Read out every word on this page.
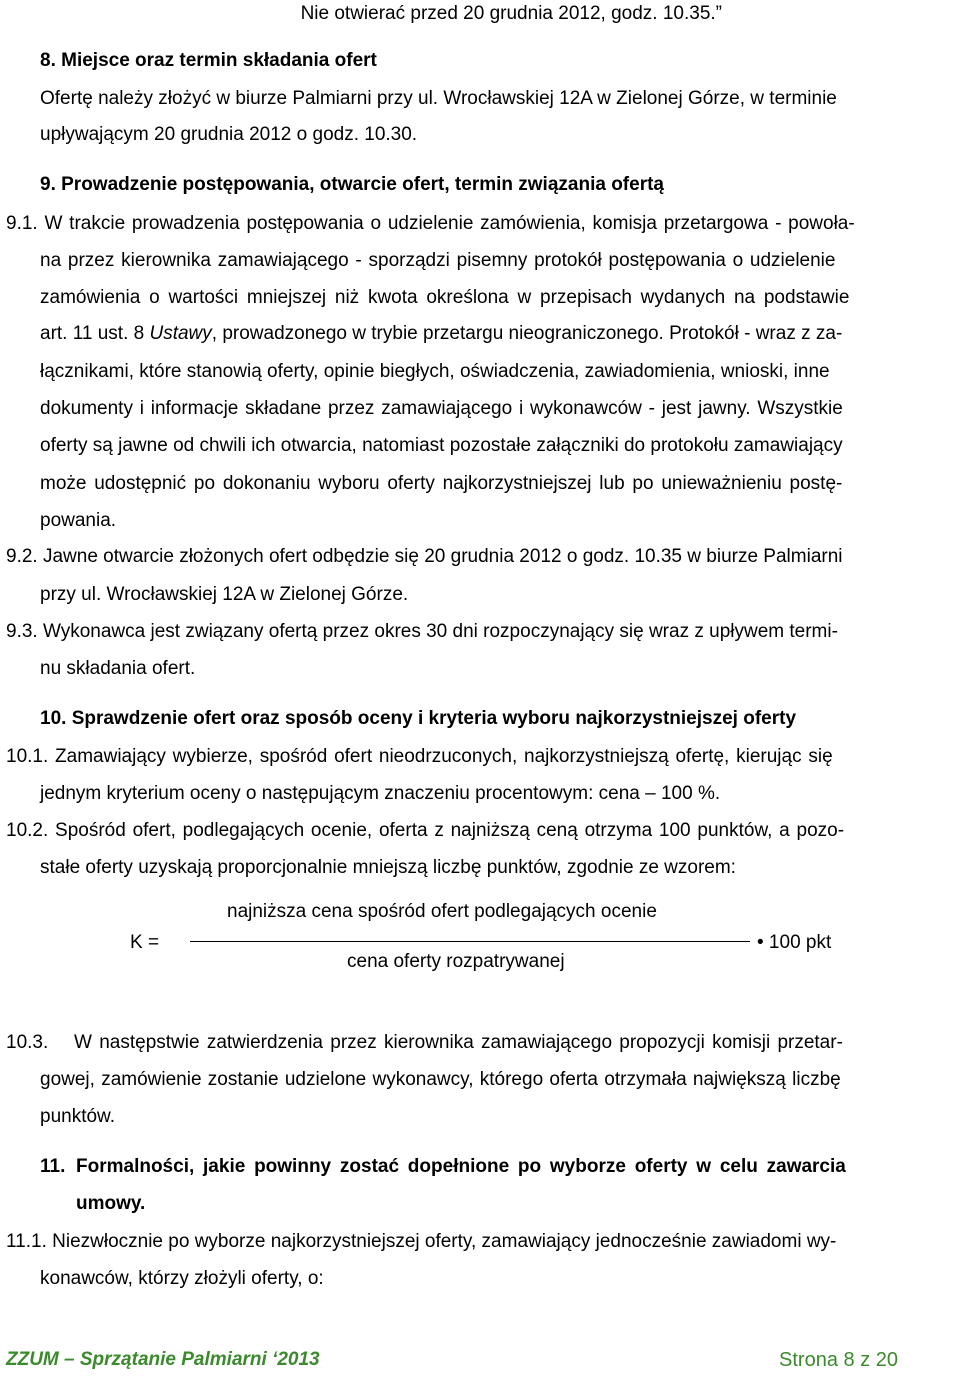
Nie otwierać przed 20 grudnia 2012, godz. 10.35.”
8. Miejsce oraz termin składania ofert
Ofertę należy złożyć w biurze Palmiarni przy ul. Wrocławskiej 12A w Zielonej Górze, w terminie
upływającym 20 grudnia 2012 o godz. 10.30.
9. Prowadzenie postępowania, otwarcie ofert, termin związania ofertą
9.1. W trakcie prowadzenia postępowania o udzielenie zamówienia, komisja przetargowa - powoła-
na przez kierownika zamawiającego - sporządzi pisemny protokół postępowania o udzielenie
zamówienia o wartości mniejszej niż kwota określona w przepisach wydanych na podstawie
art. 11 ust. 8 Ustawy, prowadzonego w trybie przetargu nieograniczonego. Protokół - wraz z za-
łącznikami, które stanowią oferty, opinie biegłych, oświadczenia, zawiadomienia, wnioski, inne
dokumenty i informacje składane przez zamawiającego i wykonawców - jest jawny. Wszystkie
oferty są jawne od chwili ich otwarcia, natomiast pozostałe załączniki do protokołu zamawiający
może udostępnić po dokonaniu wyboru oferty najkorzystniejszej lub po unieważnieniu postę-
powania.
9.2. Jawne otwarcie złożonych ofert odbędzie się 20 grudnia 2012 o godz. 10.35 w biurze Palmiarni
przy ul. Wrocławskiej 12A w Zielonej Górze.
9.3. Wykonawca jest związany ofertą przez okres 30 dni rozpoczynający się wraz z upływem termi-
nu składania ofert.
10. Sprawdzenie ofert oraz sposób oceny i kryteria wyboru najkorzystniejszej oferty
10.1. Zamawiający wybierze, spośród ofert nieodrzuconych, najkorzystniejszą ofertę, kierując się
jednym kryterium oceny o następującym znaczeniu procentowym: cena – 100 %.
10.2. Spośród ofert, podlegających ocenie, oferta z najniższą ceną otrzyma 100 punktów, a pozo-
stałe oferty uzyskają proporcjonalnie mniejszą liczbę punktów, zgodnie ze wzorem:
najniższa cena spośród ofert podlegających ocenie
K =	• 100 pkt
cena oferty rozpatrywanej
10.3. W następstwie zatwierdzenia przez kierownika zamawiającego propozycji komisji przetar-
gowej, zamówienie zostanie udzielone wykonawcy, którego oferta otrzymała największą liczbę
punktów.
11. Formalności, jakie powinny zostać dopełnione po wyborze oferty w celu zawarcia
umowy.
11.1. Niezwłocznie po wyborze najkorzystniejszej oferty, zamawiający jednocześnie zawiadomi wy-
konawców, którzy złożyli oferty, o:
ZZUM – Sprzątanie Palmiarni ‘2013	Strona 8 z 20
